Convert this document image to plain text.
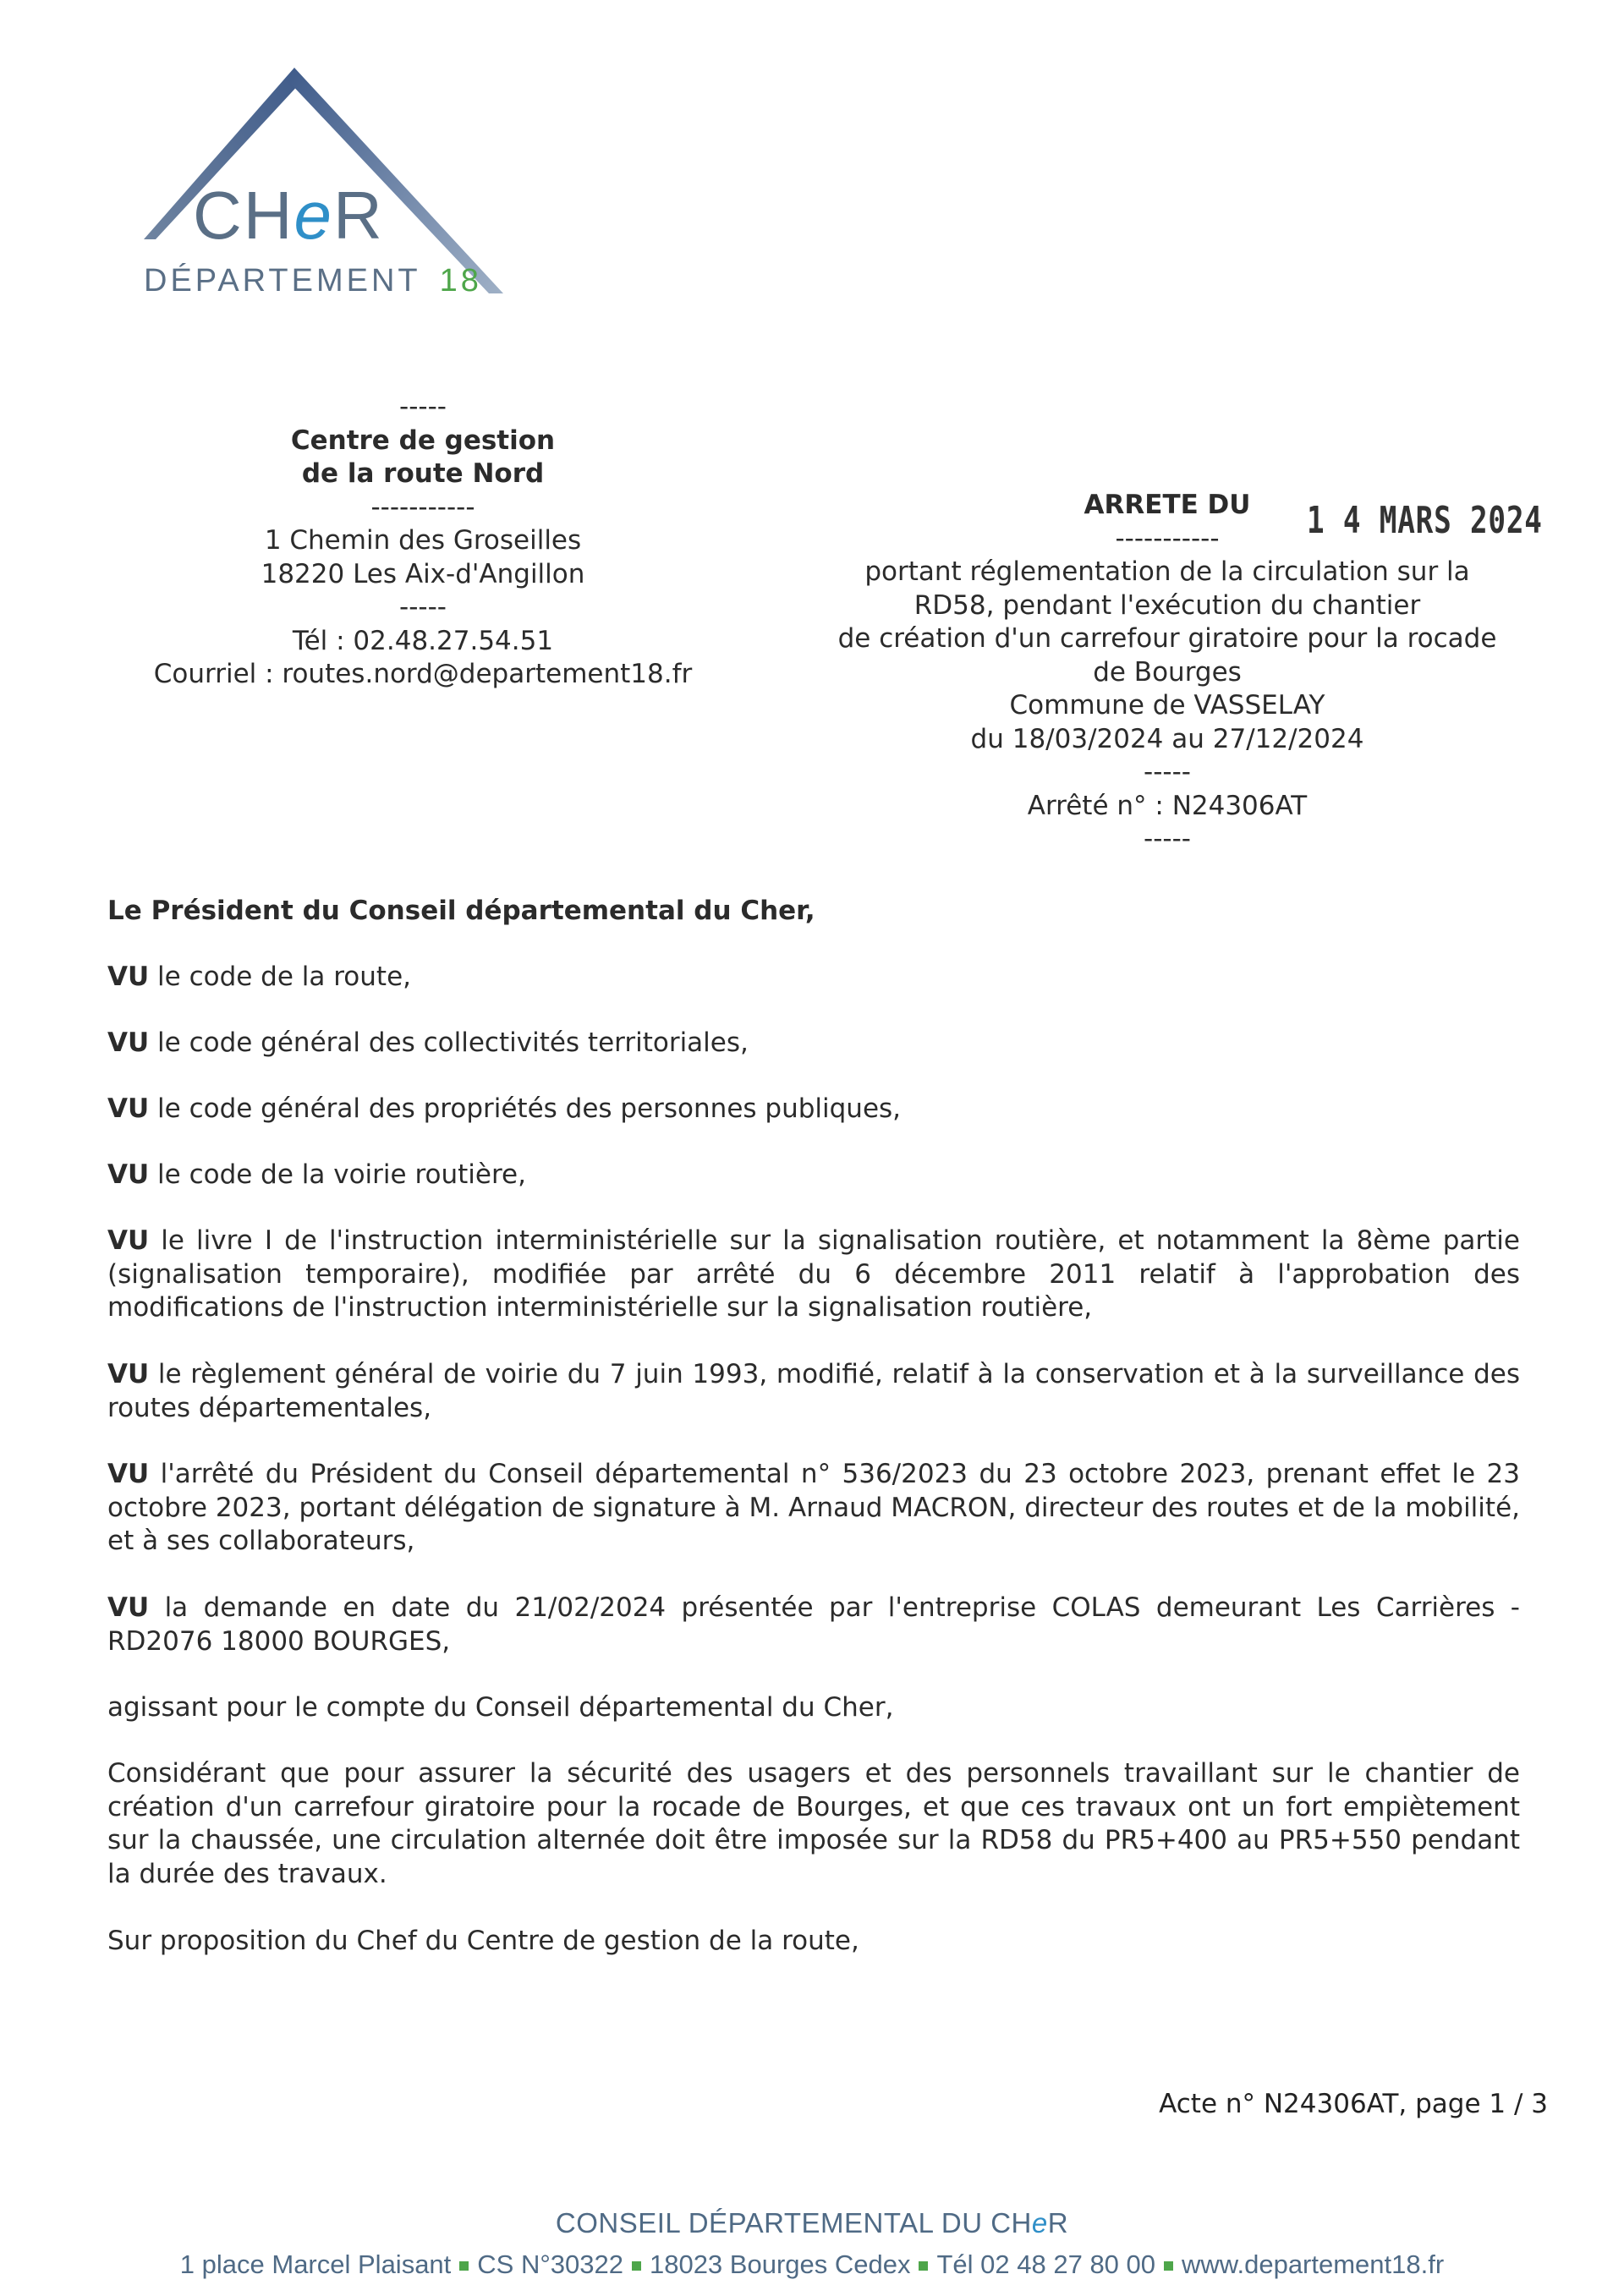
CHeR
DÉPARTEMENT 18
-----
Centre de gestion
de la route Nord
-----------
1 Chemin des Groseilles
18220 Les Aix-d'Angillon
-----
Tél : 02.48.27.54.51
Courriel : routes.nord@departement18.fr
ARRETE DU
-----------
portant réglementation de la circulation sur la
RD58, pendant l'exécution du chantier
de création d'un carrefour giratoire pour la rocade
de Bourges
Commune de VASSELAY
du 18/03/2024 au 27/12/2024
-----
Arrêté n° : N24306AT
-----
1 4 MARS 2024
Le Président du Conseil départemental du Cher,
VU le code de la route,
VU le code général des collectivités territoriales,
VU le code général des propriétés des personnes publiques,
VU le code de la voirie routière,
VU le livre I de l'instruction interministérielle sur la signalisation routière, et notamment la 8ème partie (signalisation temporaire), modifiée par arrêté du 6 décembre 2011 relatif à l'approbation des modifications de l'instruction interministérielle sur la signalisation routière,
VU le règlement général de voirie du 7 juin 1993, modifié, relatif à la conservation et à la surveillance des routes départementales,
VU l'arrêté du Président du Conseil départemental n° 536/2023 du 23 octobre 2023, prenant effet le 23 octobre 2023, portant délégation de signature à M. Arnaud MACRON, directeur des routes et de la mobilité, et à ses collaborateurs,
VU la demande en date du 21/02/2024 présentée par l'entreprise COLAS demeurant Les Carrières - RD2076 18000 BOURGES,
agissant pour le compte du Conseil départemental du Cher,
Considérant que pour assurer la sécurité des usagers et des personnels travaillant sur le chantier de création d'un carrefour giratoire pour la rocade de Bourges, et que ces travaux ont un fort empiètement sur la chaussée, une circulation alternée doit être imposée sur la RD58 du PR5+400 au PR5+550 pendant la durée des travaux.
Sur proposition du Chef du Centre de gestion de la route,
Acte n° N24306AT, page 1 / 3
CONSEIL DÉPARTEMENTAL DU CHeR
1 place Marcel Plaisant CS N°30322 18023 Bourges Cedex Tél 02 48 27 80 00 www.departement18.fr
